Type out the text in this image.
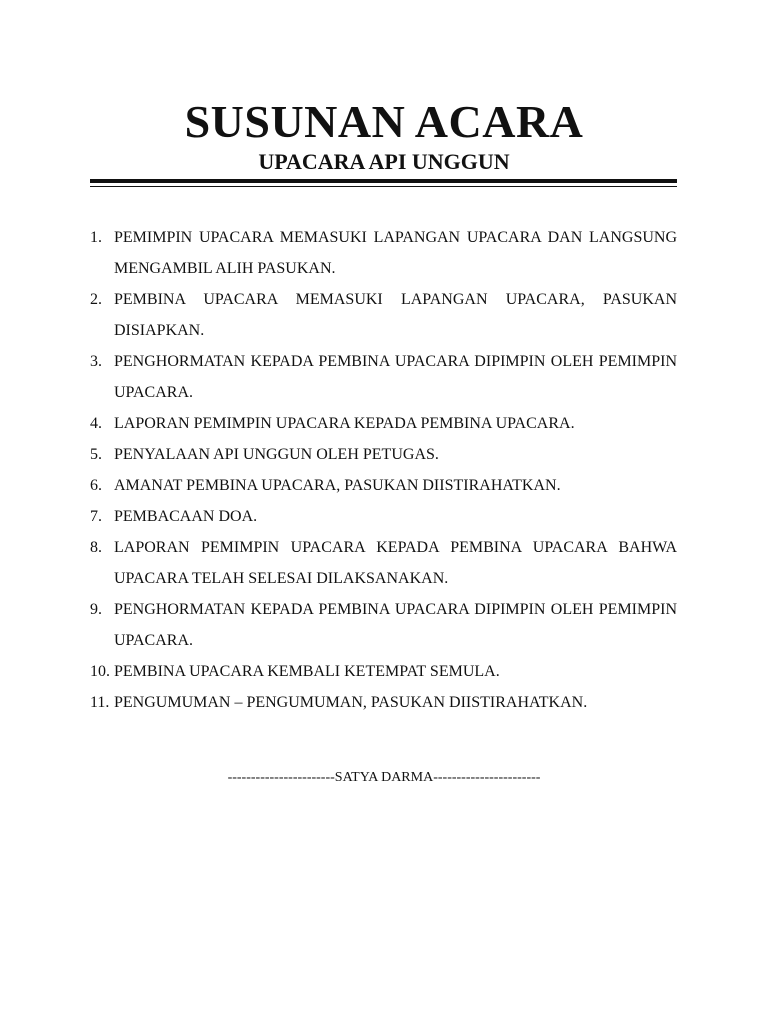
SUSUNAN ACARA
UPACARA API UNGGUN
1. PEMIMPIN UPACARA MEMASUKI LAPANGAN UPACARA DAN LANGSUNG MENGAMBIL ALIH PASUKAN.
2. PEMBINA UPACARA MEMASUKI LAPANGAN UPACARA, PASUKAN DISIAPKAN.
3. PENGHORMATAN KEPADA PEMBINA UPACARA DIPIMPIN OLEH PEMIMPIN UPACARA.
4. LAPORAN PEMIMPIN UPACARA KEPADA PEMBINA UPACARA.
5. PENYALAAN API UNGGUN OLEH PETUGAS.
6. AMANAT PEMBINA UPACARA, PASUKAN DIISTIRAHATKAN.
7. PEMBACAAN DOA.
8. LAPORAN PEMIMPIN UPACARA KEPADA PEMBINA UPACARA BAHWA UPACARA TELAH SELESAI DILAKSANAKAN.
9. PENGHORMATAN KEPADA PEMBINA UPACARA DIPIMPIN OLEH PEMIMPIN UPACARA.
10. PEMBINA UPACARA KEMBALI KETEMPAT SEMULA.
11. PENGUMUMAN – PENGUMUMAN, PASUKAN DIISTIRAHATKAN.
-----------------------SATYA DARMA-----------------------
